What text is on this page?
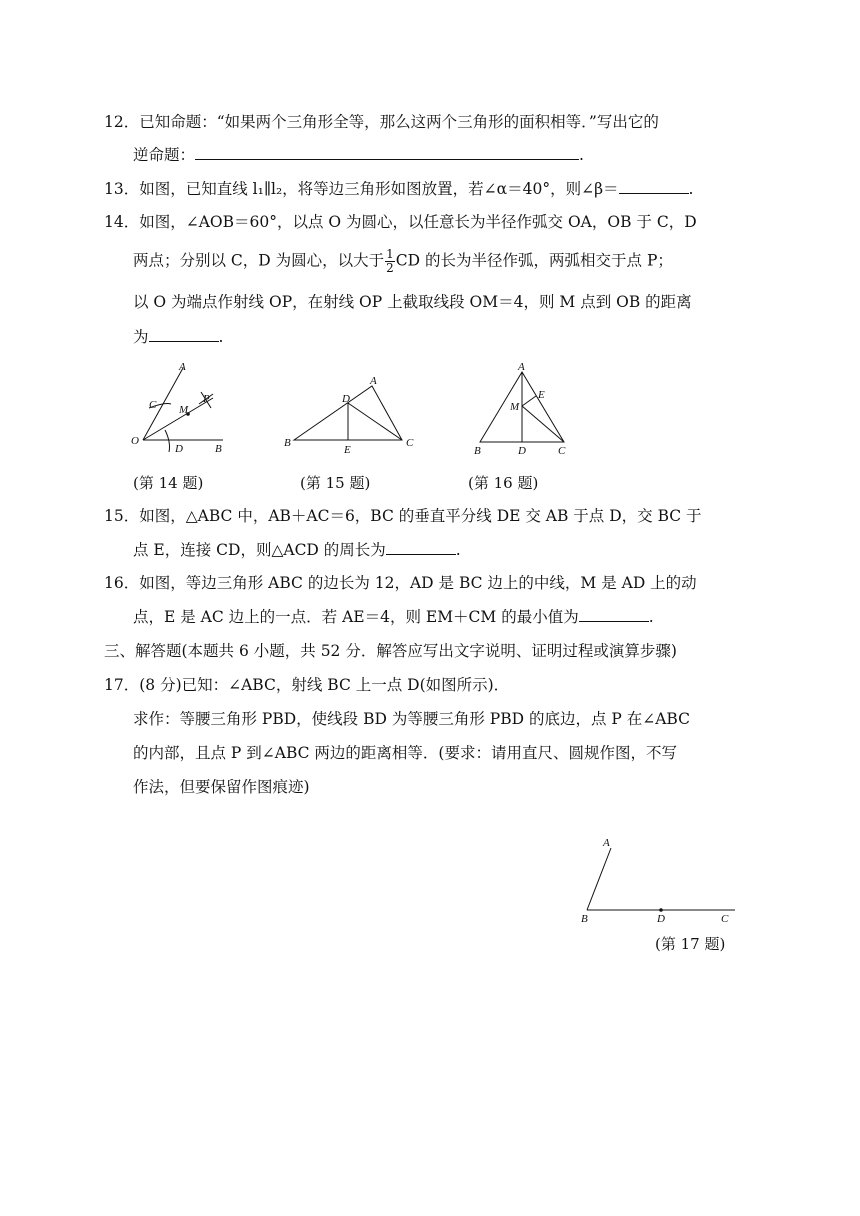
12．已知命题：“如果两个三角形全等，那么这两个三角形的面积相等．”写出它的
逆命题：	.
13．如图，已知直线 l₁∥l₂，将等边三角形如图放置，若∠α＝40°，则∠β＝	.
14．如图，∠AOB＝60°，以点 O 为圆心，以任意长为半径作弧交 OA，OB 于 C，D
两点；分别以 C，D 为圆心，以大于 $\frac{1}{2}$ CD 的长为半径作弧，两弧相交于点 P；
以 O 为端点作射线 OP，在射线 OP 上截取线段 OM＝4，则 M 点到 OB 的距离
为	.
A
C M
P
O
D	B
A
D
B
E
C
A
M
E
B	D	C
(第 14 题)	(第 15 题)	(第 16 题)
15．如图，△ABC 中，AB＋AC＝6，BC 的垂直平分线 DE 交 AB 于点 D，交 BC 于
点 E，连接 CD，则△ACD 的周长为	.
16．如图，等边三角形 ABC 的边长为 12，AD 是 BC 边上的中线，M 是 AD 上的动
点，E 是 AC 边上的一点．若 AE＝4，则 EM＋CM 的最小值为	.
三、解答题(本题共 6 小题，共 52 分．解答应写出文字说明、证明过程或演算步骤)
17．(8 分)已知：∠ABC，射线 BC 上一点 D(如图所示)．
求作：等腰三角形 PBD，使线段 BD 为等腰三角形 PBD 的底边，点 P 在∠ABC
的内部，且点 P 到∠ABC 两边的距离相等．(要求：请用直尺、圆规作图，不写
作法，但要保留作图痕迹)
A
B	D	C
(第 17 题)
